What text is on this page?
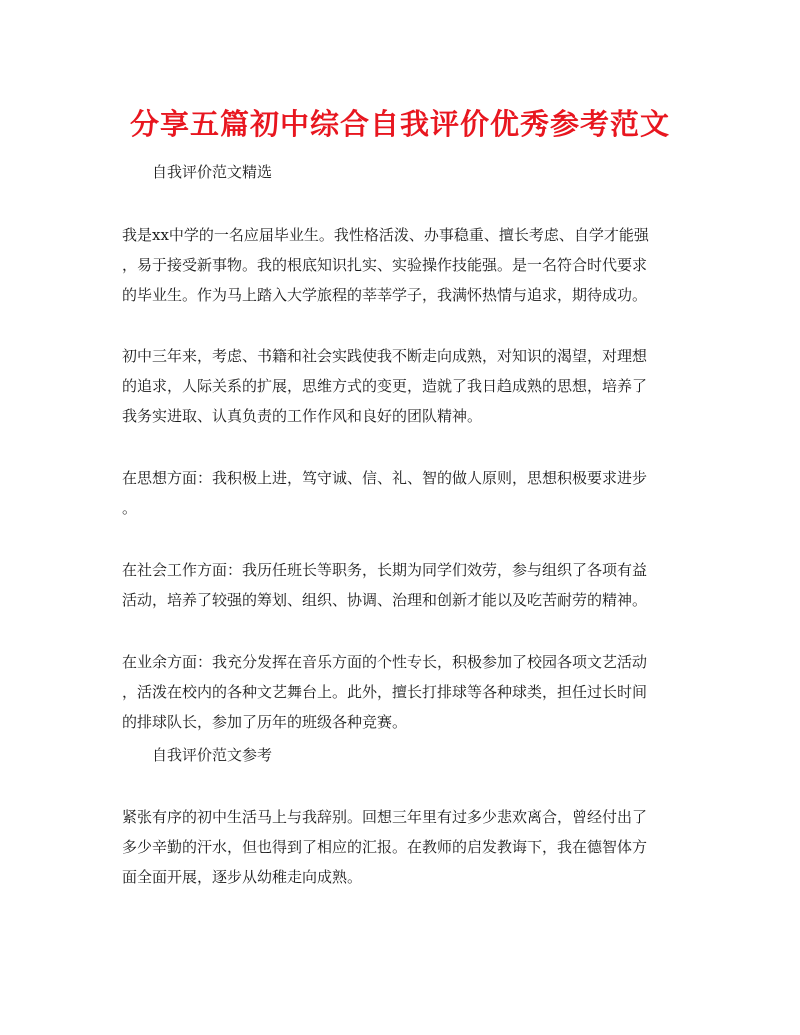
分享五篇初中综合自我评价优秀参考范文

自我评价范文精选

我是xx中学的一名应届毕业生。我性格活泼、办事稳重、擅长考虑、自学才能强
，易于接受新事物。我的根底知识扎实、实验操作技能强。是一名符合时代要求
的毕业生。作为马上踏入大学旅程的莘莘学子，我满怀热情与追求，期待成功。
初中三年来，考虑、书籍和社会实践使我不断走向成熟，对知识的渴望，对理想
的追求，人际关系的扩展，思维方式的变更，造就了我日趋成熟的思想，培养了
我务实进取、认真负责的工作作风和良好的团队精神。
在思想方面：我积极上进，笃守诚、信、礼、智的做人原则，思想积极要求进步
。
在社会工作方面：我历任班长等职务，长期为同学们效劳，参与组织了各项有益
活动，培养了较强的筹划、组织、协调、治理和创新才能以及吃苦耐劳的精神。
在业余方面：我充分发挥在音乐方面的个性专长，积极参加了校园各项文艺活动
，活泼在校内的各种文艺舞台上。此外，擅长打排球等各种球类，担任过长时间
的排球队长，参加了历年的班级各种竞赛。

自我评价范文参考

紧张有序的初中生活马上与我辞别。回想三年里有过多少悲欢离合，曾经付出了
多少辛勤的汗水，但也得到了相应的汇报。在教师的启发教诲下，我在德智体方
面全面开展，逐步从幼稚走向成熟。
